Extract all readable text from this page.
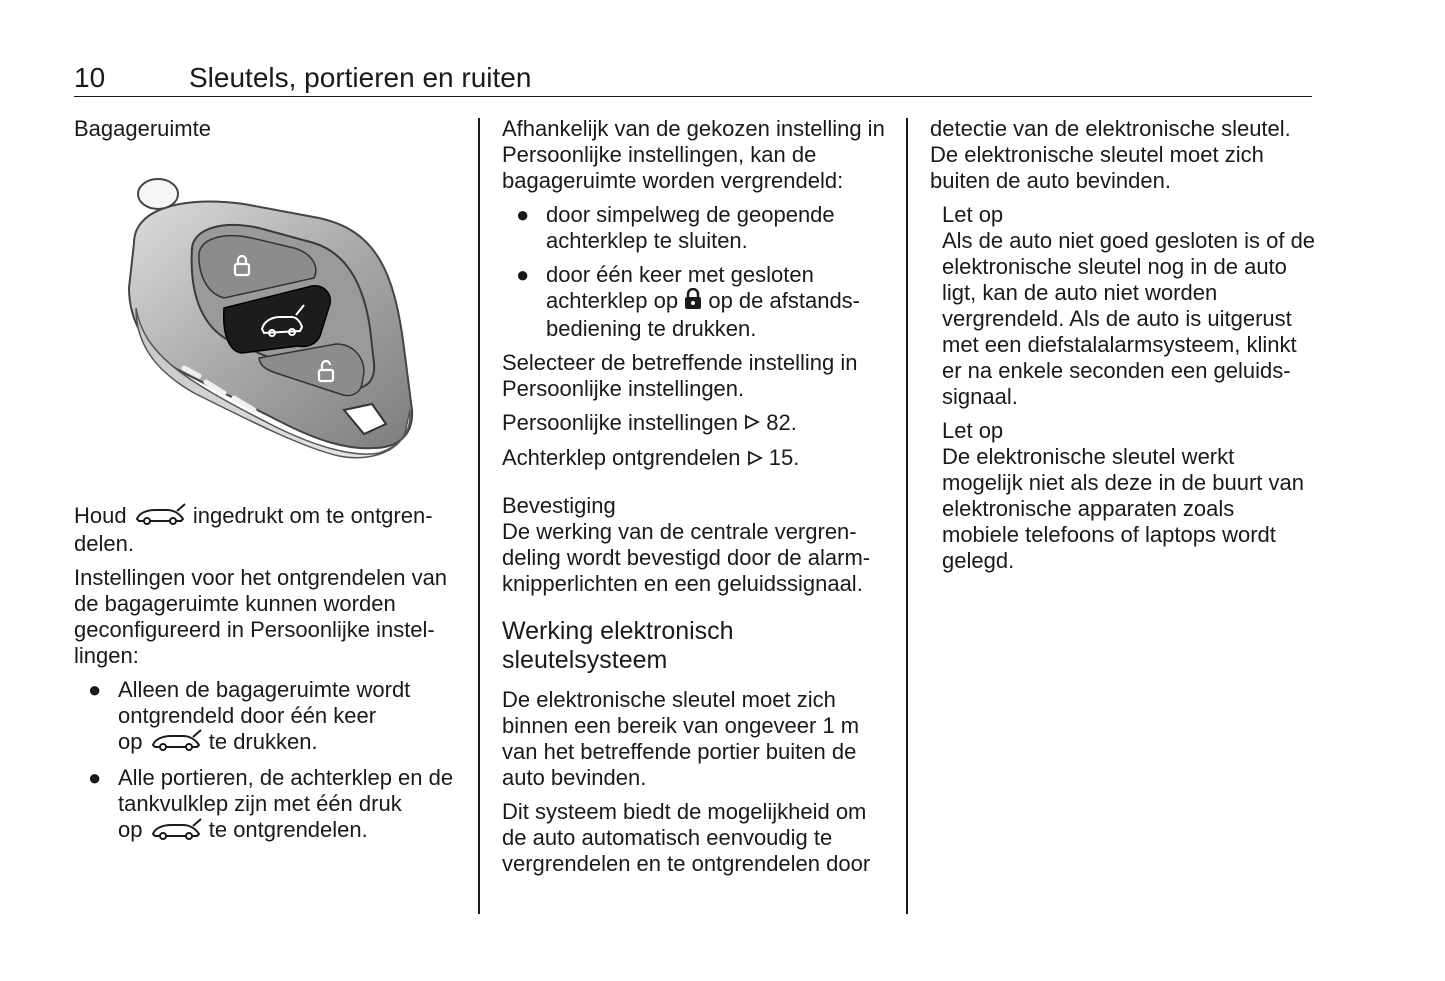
10	Sleutels, portieren en ruiten
Bagageruimte

Houd	ingedrukt om te ontgren-
delen.

Instellingen voor het ontgrendelen van de bagageruimte kunnen worden geconfigureerd in Persoonlijke instel-lingen:

● Alleen de bagageruimte wordt ontgrendeld door één keer
op	te drukken.
● Alle portieren, de achterklep en de tankvulklep zijn met één druk
op	te ontgrendelen.

Afhankelijk van de gekozen instelling in Persoonlijke instellingen, kan de bagageruimte worden vergrendeld:

● door simpelweg de geopende achterklep te sluiten.
● door één keer met gesloten achterklep op op de afstands-bediening te drukken.

Selecteer de betreffende instelling in Persoonlijke instellingen.

Persoonlijke instellingen 82.

Achterklep ontgrendelen 15.

Bevestiging

De werking van de centrale vergren-deling wordt bevestigd door de alarm-knipperlichten en een geluidssignaal.

Werking elektronisch sleutelsysteem

De elektronische sleutel moet zich binnen een bereik van ongeveer 1 m van het betreffende portier buiten de auto bevinden.

Dit systeem biedt de mogelijkheid om de auto automatisch eenvoudig te vergrendelen en te ontgrendelen door

detectie van de elektronische sleutel. De elektronische sleutel moet zich buiten de auto bevinden.

Let op
Als de auto niet goed gesloten is of de elektronische sleutel nog in de auto ligt, kan de auto niet worden vergrendeld. Als de auto is uitgerust met een diefstalalarmsysteem, klinkt er na enkele seconden een geluids-signaal.
Let op
De elektronische sleutel werkt mogelijk niet als deze in de buurt van elektronische apparaten zoals mobiele telefoons of laptops wordt gelegd.
